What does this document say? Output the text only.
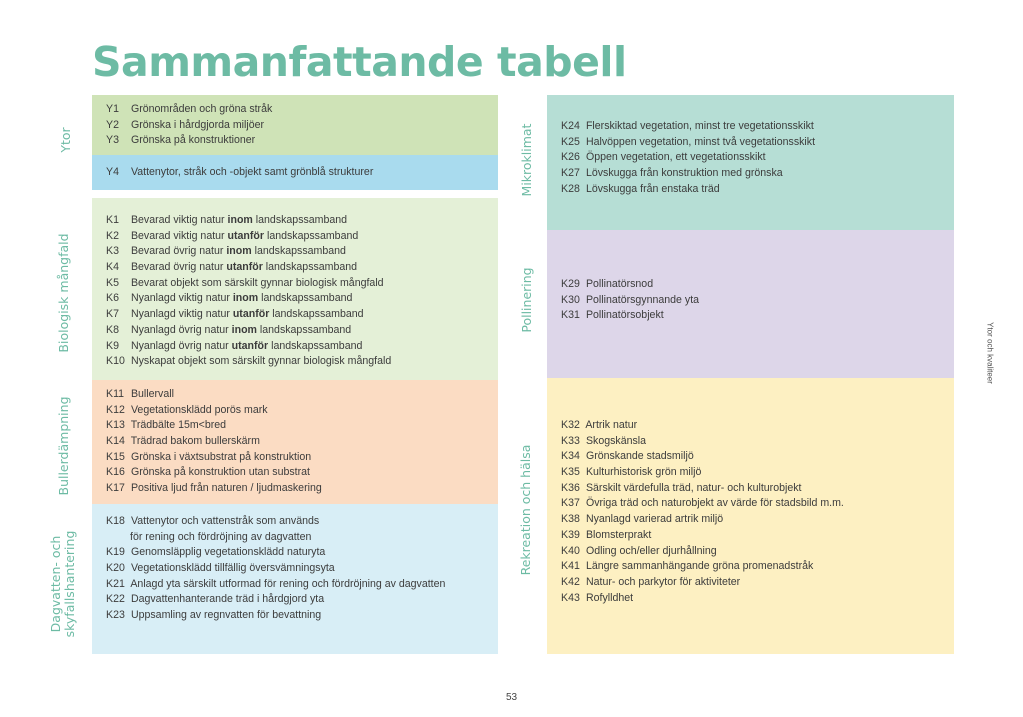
Sammanfattande tabell
Y1 Grönområden och gröna stråk
Y2 Grönska i hårdgjorda miljöer
Y3 Grönska på konstruktioner
Y4 Vattenytor, stråk och -objekt samt grönblå strukturer
Ytor
K1 Bevarad viktig natur inom landskapssamband
K2 Bevarad viktig natur utanför landskapssamband
K3 Bevarad övrig natur inom landskapssamband
K4 Bevarad övrig natur utanför landskapssamband
K5 Bevarat objekt som särskilt gynnar biologisk mångfald
K6 Nyanlagd viktig natur inom landskapssamband
K7 Nyanlagd viktig natur utanför landskapssamband
K8 Nyanlagd övrig natur inom landskapssamband
K9 Nyanlagd övrig natur utanför landskapssamband
K10 Nyskapat objekt som särskilt gynnar biologisk mångfald
Biologisk mångfald
K11 Bullervall
K12 Vegetationsklädd porös mark
K13 Trädbälte 15m<bred
K14 Trädrad bakom bullerskärm
K15 Grönska i växtsubstrat på konstruktion
K16 Grönska på konstruktion utan substrat
K17 Positiva ljud från naturen / ljudmaskering
Bullerdämpning
K18 Vattenytor och vattenstråk som används
för rening och fördröjning av dagvatten
K19 Genomsläpplig vegetationsklädd naturyta
K20 Vegetationsklädd tillfällig översvämningsyta
K21 Anlagd yta särskilt utformad för rening och fördröjning av dagvatten
K22 Dagvattenhanterande träd i hårdgjord yta
K23 Uppsamling av regnvatten för bevattning
Dagvatten- och skyfallshantering
K24 Flerskiktad vegetation, minst tre vegetationsskikt
K25 Halvöppen vegetation, minst två vegetationsskikt
K26 Öppen vegetation, ett vegetationsskikt
K27 Lövskugga från konstruktion med grönska
K28 Lövskugga från enstaka träd
Mikroklimat
K29 Pollinatörsnod
K30 Pollinatörsgynnande yta
K31 Pollinatörsobjekt
Pollinering
K32 Artrik natur
K33 Skogskänsla
K34 Grönskande stadsmiljö
K35 Kulturhistorisk grön miljö
K36 Särskilt värdefulla träd, natur- och kulturobjekt
K37 Övriga träd och naturobjekt av värde för stadsbild m.m.
K38 Nyanlagd varierad artrik miljö
K39 Blomsterprakt
K40 Odling och/eller djurhållning
K41 Längre sammanhängande gröna promenadstråk
K42 Natur- och parkytor för aktiviteter
K43 Rofylldhet
Rekreation och hälsa
Ytor och kvaliteer
53
